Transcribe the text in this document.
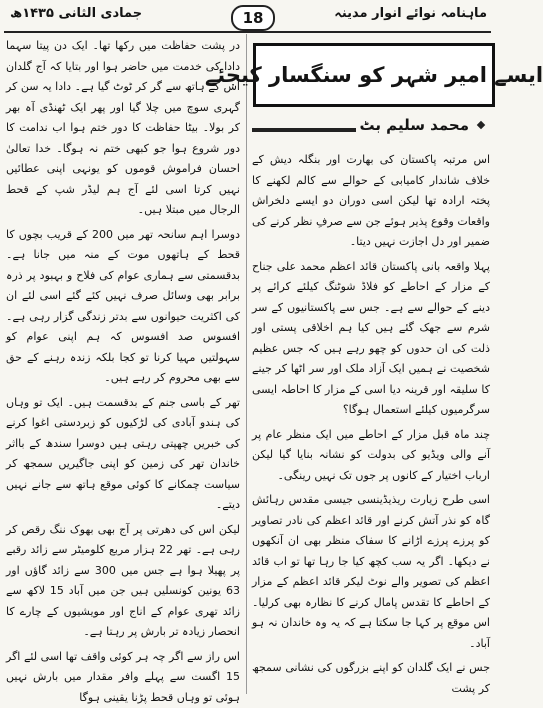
جمادی الثانی ۱۴۳۵ھ	18	ماہنامہ نوائے انوار مدینہ

در پشت حفاظت میں رکھا تھا۔ ایک دن پیتا سہما دادا کی خدمت میں حاضر ہوا اور بتایا کہ آج گلدان اس کے ہاتھ سے گر کر ٹوٹ گیا ہے۔ دادا یہ سن کر گہری سوچ میں چلا گیا اور پھر ایک ٹھنڈی آہ بھر کر بولا۔ بیٹا حفاظت کا دور ختم ہوا اب ندامت کا دور شروع ہوا جو کبھی ختم نہ ہوگا۔ خدا تعالیٰ احسان فراموش قوموں کو یونہی اپنی عطائیں نہیں کرتا اسی لئے آج ہم لیڈر شپ کے قحط الرجال میں مبتلا ہیں۔

دوسرا اہم سانحہ تھر میں 200 کے قریب بچوں کا قحط کے ہاتھوں موت کے منہ میں جانا ہے۔ بدقسمتی سے ہماری عوام کی فلاح و بہبود پر ذرہ برابر بھی وسائل صرف نہیں کئے گئے اسی لئے ان کی اکثریت حیوانوں سے بدتر زندگی گزار رہی ہے۔ افسوس صد افسوس کہ ہم اپنی عوام کو سہولتیں مہیا کرنا تو کجا بلکہ زندہ رہنے کے حق سے بھی محروم کر رہے ہیں۔

تھر کے باسی جنم کے بدقسمت ہیں۔ ایک تو وہاں کی ہندو آبادی کی لڑکیوں کو زبردستی اغوا کرنے کی خبریں چھپتی رہتی ہیں دوسرا سندھ کے بااثر خاندان تھر کی زمین کو اپنی جاگیریں سمجھ کر سیاست چمکانے کا کوئی موقع ہاتھ سے جانے نہیں دیتے۔

لیکن اس کی دھرتی پر آج بھی بھوک ننگ رقص کر رہی ہے۔ تھر 22 ہزار مربع کلومیٹر سے زائد رقبے پر پھیلا ہوا ہے جس میں 300 سے زائد گاؤں اور 63 یونین کونسلیں ہیں جن میں آباد 15 لاکھ سے زائد تھری عوام کے اناج اور مویشیوں کے چارے کا انحصار زیادہ تر بارش پر رہتا ہے۔

اس راز سے اگر چہ ہر کوئی واقف تھا اسی لئے اگر 15 اگست سے پہلے وافر مقدار میں بارش نہیں ہوئی تو وہاں قحط پڑنا یقینی ہوگا

ایسے امیر شہر کو سنگسار کیجئے
محمد سلیم بٹ

اس مرتبہ پاکستان کی بھارت اور بنگلہ دیش کے خلاف شاندار کامیابی کے حوالے سے کالم لکھنے کا پختہ ارادہ تھا لیکن اسی دوران دو ایسے دلخراش واقعات وقوع پذیر ہوئے جن سے صرفِ نظر کرنے کی ضمیر اور دل اجازت نہیں دیتا۔

پہلا واقعہ بانی پاکستان قائد اعظم محمد علی جناح کے مزار کے احاطے کو فلاڈ شوٹنگ کیلئے کرائے پر دینے کے حوالے سے ہے۔ جس سے پاکستانیوں کے سر شرم سے جھک گئے ہیں کیا ہم اخلاقی پستی اور ذلت کی ان حدوں کو چھو رہے ہیں کہ جس عظیم شخصیت نے ہمیں ایک آزاد ملک اور سر اٹھا کر جینے کا سلیقہ اور قرینہ دیا اسی کے مزار کا احاطہ ایسی سرگرمیوں کیلئے استعمال ہوگا؟

چند ماہ قبل مزار کے احاطے میں ایک منظر عام پر آنے والی ویڈیو کی بدولت کو نشانہ بنایا گیا لیکن ارباب اختیار کے کانوں پر جوں تک نہیں رینگی۔

اسی طرح زیارت ریذیڈینسی جیسی مقدس رہائش گاہ کو نذر آتش کرنے اور قائد اعظم کی نادر تصاویر کو پرزے پرزے اڑانے کا سفاک منظر بھی ان آنکھوں نے دیکھا۔ اگر یہ سب کچھ کیا جا رہا تھا تو اب قائد اعظم کی تصویر والے نوٹ لیکر قائد اعظم کے مزار کے احاطے کا تقدس پامال کرنے کا نظارہ بھی کرلیا۔ اس موقع پر کہا جا سکتا ہے کہ یہ وہ خاندان نہ ہو آباد۔

جس نے ایک گلدان کو اپنے بزرگوں کی نشانی سمجھ کر پشت
